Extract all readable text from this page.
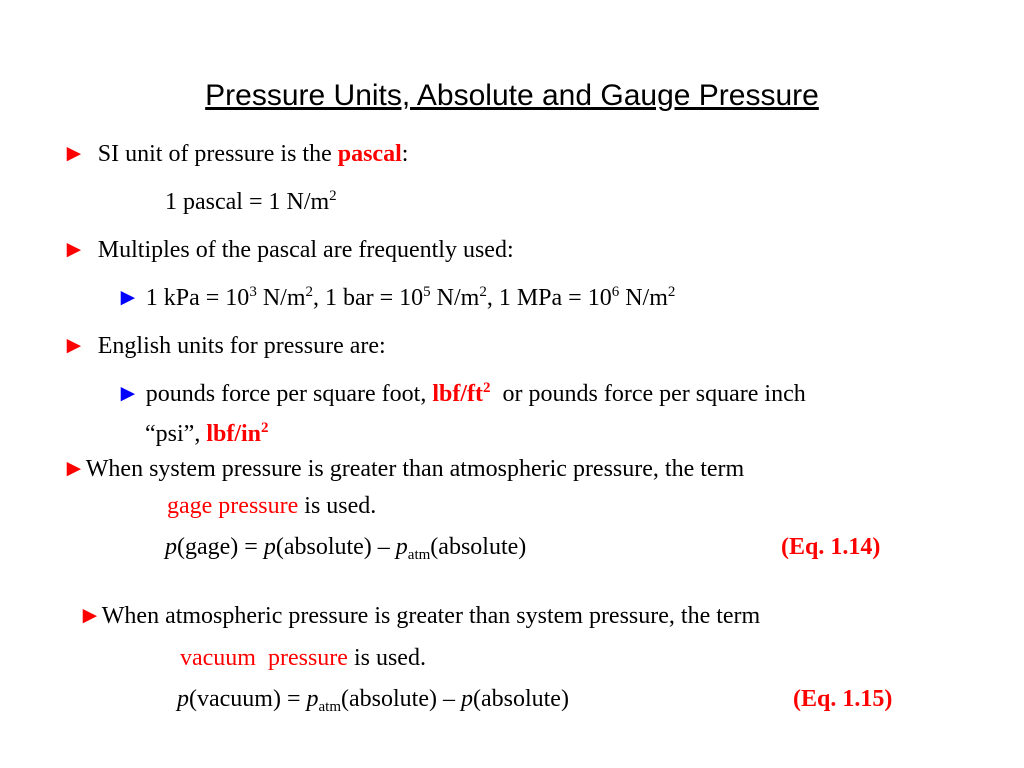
Pressure Units, Absolute and Gauge Pressure
► SI unit of pressure is the pascal:
1 pascal = 1 $N/m^2$
► Multiples of the pascal are frequently used:
► 1 kPa = $10^3$ $N/m^2$, 1 bar = $10^5$ $N/m^2$, 1 MPa = $10^6$ $N/m^2$
► English units for pressure are:
► pounds force per square foot, lbf/$ft^2$  or pounds force per square inch
“psi”, lbf/$in^2$
►When system pressure is greater than atmospheric pressure, the term
gage pressure is used.
p(gage) = p(absolute) – $p_{atm}(absolute)$	(Eq. 1.14)
►When atmospheric pressure is greater than system pressure, the term
vacuum pressure is used.
p(vacuum) = $p_{atm}(absolute)$ – p(absolute)	(Eq. 1.15)
